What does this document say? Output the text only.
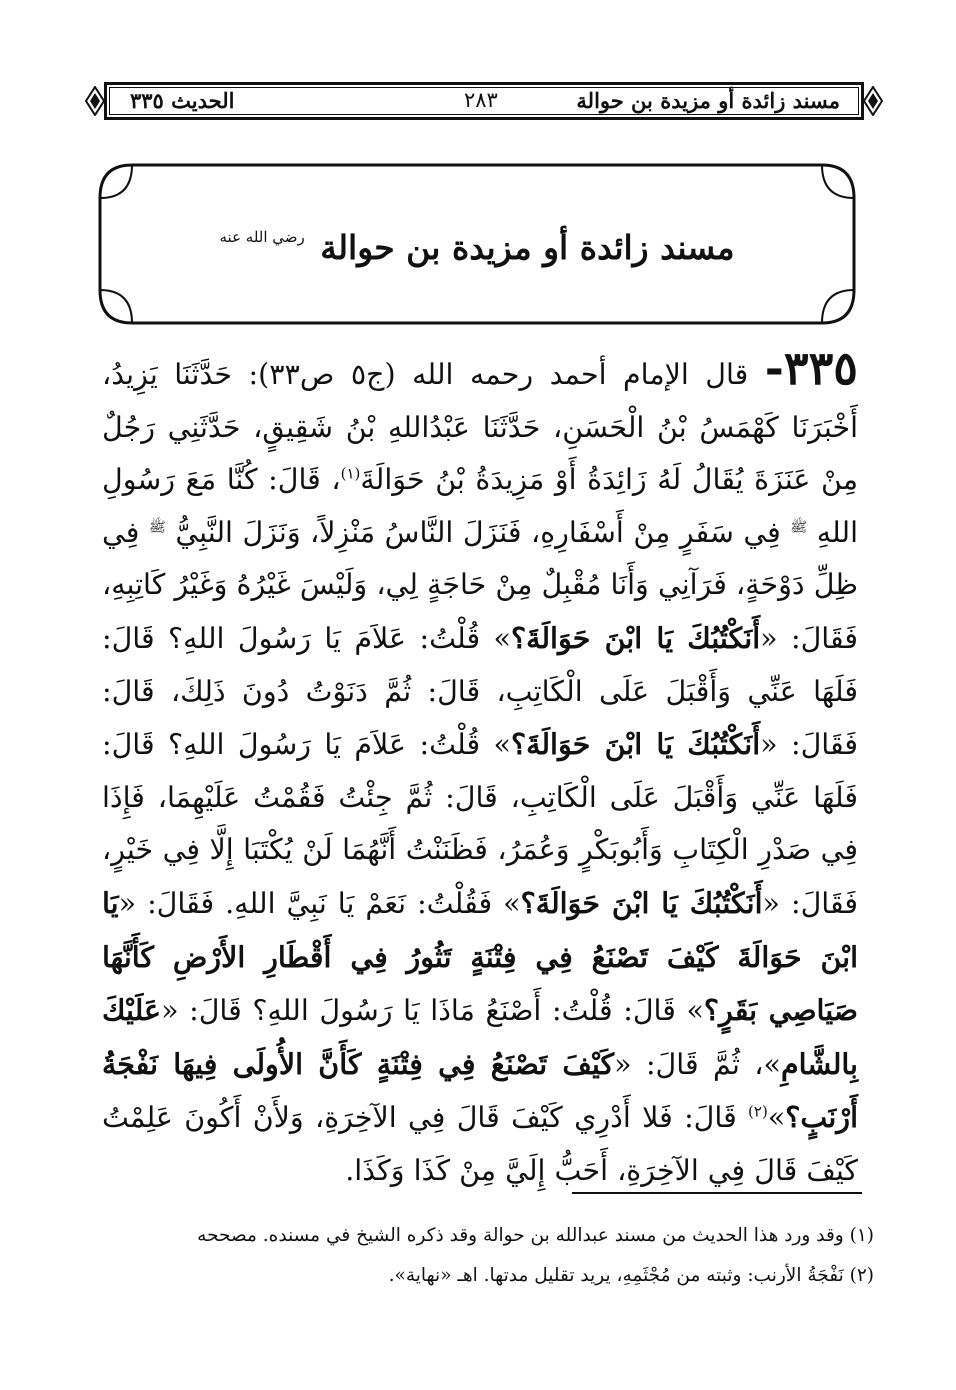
مسند زائدة أو مزيدة بن حوالة
٢٨٣
الحديث ٣٣٥
مسند زائدة أو مزيدة بن حوالة $^{رضي الله عنه}$
٣٣٥- قال الإمام أحمد رحمه الله (ج٥ ص٣٣): حَدَّثَنَا يَزِيدُ، أَخْبَرَنَا كَهْمَسُ بْنُ الْحَسَنِ، حَدَّثَنَا عَبْدُاللهِ بْنُ شَقِيقٍ، حَدَّثَنِي رَجُلٌ مِنْ عَنَزَةَ يُقَالُ لَهُ زَائِدَةُ أَوْ مَزِيدَةُ بْنُ حَوَالَةَ$^{(١)}$، قَالَ: كُنَّا مَعَ رَسُولِ اللهِ $^ﷺ$ فِي سَفَرٍ مِنْ أَسْفَارِهِ، فَنَزَلَ النَّاسُ مَنْزِلاً، وَنَزَلَ النَّبِيُّ $^ﷺ$ فِي ظِلِّ دَوْحَةٍ، فَرَآنِي وَأَنَا مُقْبِلٌ مِنْ حَاجَةٍ لِي، وَلَيْسَ غَيْرُهُ وَغَيْرُ كَاتِبِهِ، فَقَالَ: «أَنَكْتُبُكَ يَا ابْنَ حَوَالَةَ؟» قُلْتُ: عَلاَمَ يَا رَسُولَ اللهِ؟ قَالَ: فَلَهَا عَنِّي وَأَقْبَلَ عَلَى الْكَاتِبِ، قَالَ: ثُمَّ دَنَوْتُ دُونَ ذَلِكَ، قَالَ: فَقَالَ: «أَنَكْتُبُكَ يَا ابْنَ حَوَالَةَ؟» قُلْتُ: عَلاَمَ يَا رَسُولَ اللهِ؟ قَالَ: فَلَهَا عَنِّي وَأَقْبَلَ عَلَى الْكَاتِبِ، قَالَ: ثُمَّ جِئْتُ فَقُمْتُ عَلَيْهِمَا، فَإِذَا فِي صَدْرِ الْكِتَابِ وَأَبُوبَكْرٍ وَعُمَرُ، فَظَنَنْتُ أَنَّهُمَا لَنْ يُكْتَبَا إِلَّا فِي خَيْرٍ، فَقَالَ: «أَنَكْتُبُكَ يَا ابْنَ حَوَالَةَ؟» فَقُلْتُ: نَعَمْ يَا نَبِيَّ اللهِ. فَقَالَ: «يَا ابْنَ حَوَالَةَ كَيْفَ تَصْنَعُ فِي فِتْنَةٍ تَثُورُ فِي أَقْطَارِ الأَرْضِ كَأَنَّهَا صَيَاصِي بَقَرٍ؟» قَالَ: قُلْتُ: أَصْنَعُ مَاذَا يَا رَسُولَ اللهِ؟ قَالَ: «عَلَيْكَ بِالشَّامِ»، ثُمَّ قَالَ: «كَيْفَ تَصْنَعُ فِي فِتْنَةٍ كَأَنَّ الأُولَى فِيهَا نَفْجَةُ أَرْنَبٍ؟»$^{(٢)}$ قَالَ: فَلا أَدْرِي كَيْفَ قَالَ فِي الآخِرَةِ، وَلأَنْ أَكُونَ عَلِمْتُ كَيْفَ قَالَ فِي الآخِرَةِ، أَحَبُّ إِلَيَّ مِنْ كَذَا وَكَذَا.
(١) وقد ورد هذا الحديث من مسند عبدالله بن حوالة وقد ذكره الشيخ في مسنده. مصححه
(٢) نَفْجَةُ الأرنب: وثبته من مُجْثَمِهِ، يريد تقليل مدتها. اهـ «نهاية».
